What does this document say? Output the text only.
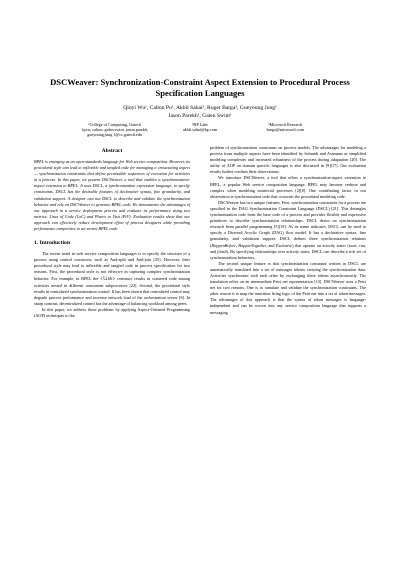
DSCWeaver: Synchronization-Constraint Aspect Extension to Procedural Process Specification Languages
Qinyi Wu¹, Calton Pu¹, Akhil Sahai², Roger Barga³, Gueyoung Jung¹
Jason Parekh¹, Galen Swint¹
¹College of Computing, Gatech
{qxw, calton, galen.swint, jason.parekh, gueyoung.jung }@cc.gatech.edu
²HP Labs
akhil.sahai@hp.com
³Microsoft Research
barga@microsoft.com
Abstract

BPEL is emerging as an open-standards language for Web service composition. However, its procedural style can lead to inflexible and tangled code for managing a crosscutting aspect — synchronization constraints that define permissible sequences of execution for activities in a process. In this paper, we present DSCWeaver, a tool that enables a synchronization-aspect extension to BPEL. It uses DSCL, a synchronization expression language, to specify constraints. DSCL has the desirable features of declarative syntax, fine granularity, and validation support. A designer can use DSCL to describe and validate the synchronization behavior and rely on DSCWeaver to generate BPEL code. We demonstrate the advantages of our approach in a service deployment process and evaluate its performance using two metrics: Lines of Code (LoC) and Places to Visit (PtV). Evaluation results show that our approach can effectively reduce development effort of process designers while providing performance competitive to un-woven BPEL code.

1. Introduction

The recent trend in web service composition languages is to specify the structure of a process using control constructs, such as And-split and And-join [25]. However, their procedural style may lead to inflexible and tangled code in process specification for two reasons. First, the procedural style is not effective in capturing complex synchronization behavior. For example, in BPEL the <link> construct results in scattered code among activities nested in different concurrent subprocesses [22]. Second, the procedural style results in centralized synchronization control. It has been shown that centralized control may degrade process performance and increase network load of the orchestration server [6]. In sharp contrast, decentralized control has the advantage of balancing workload among peers.

In this paper, we address these problems by applying Aspect-Oriented Programming (AOP) techniques to the

problem of synchronization constraints on process models. The advantages for modeling a process from multiple aspects have been identified by Schmidt and Assmann as simplified modeling complexity and increased robustness of the process during adaptation [20]. The utility of AOP on domain specific languages is also discussed in [9][17]. Our evaluation results further confirm their observations.

We introduce DSCWeaver, a tool that offers a synchronization-aspect extension to BPEL, a popular Web service composition language. BPEL may become verbose and complex when modeling nontrivial processes [2][8]. One contributing factor in our observation is synchronization code that crosscuts the procedural modeling code.

DSCWeaver has two unique features. First, synchronization constraints for a process are specified in the DAG Synchronization Constraint Language (DSCL) [21]. This detangles synchronization code from the base code of a process and provides flexible and expressive primitives to describe synchronization relationships. DSCL draws on synchronization research from parallel programming [5][19]. As its name indicates, DSCL can be used to specify a Directed Acyclic Graph (DAG) flow model. It has a declarative syntax, fine granularity, and validation support. DSCL defines three synchronization relations (HappenBefore, HappenTogether, and Exclusive) that operate on activity states (start, run, and finish). By specifying relationships over activity states, DSCL can describe a rich set of synchronization behaviors.

The second unique feature is that synchronization constraint written in DSCL are automatically translated into a set of messages tokens carrying the synchronization data. Activities synchronize with each other by exchanging these tokens asynchronously. The translation relies on an intermediate Petri net representation [13]. DSCWeaver uses a Petri net for two reasons. One is to simulate and validate the synchronization constraints. The other reason is to map the transition firing logic of the Petri net into a set of token messages. The advantages of this approach is that the syntax of token messages is language-independent and can be woven into any service composition language that supports a messaging
